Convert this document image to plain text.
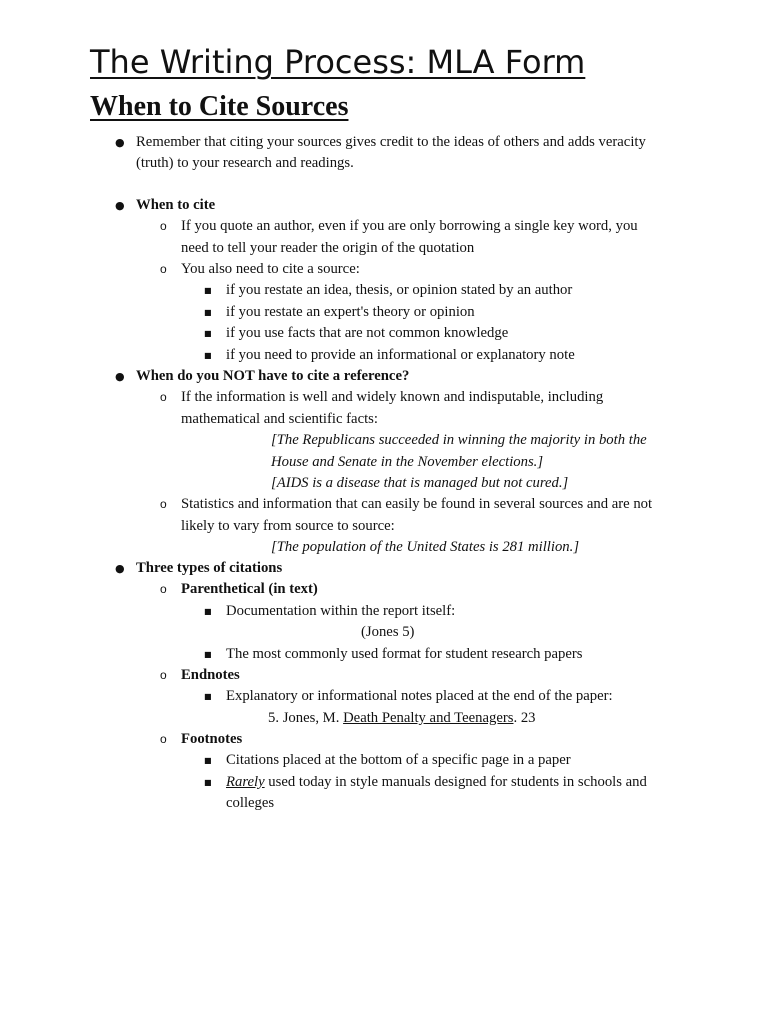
The Writing Process: MLA Form
When to Cite Sources
● Remember that citing your sources gives credit to the ideas of others and adds veracity
(truth) to your research and readings.
● When to cite
o If you quote an author, even if you are only borrowing a single key word, you
need to tell your reader the origin of the quotation
o You also need to cite a source:
■ if you restate an idea, thesis, or opinion stated by an author
■ if you restate an expert's theory or opinion
■ if you use facts that are not common knowledge
■ if you need to provide an informational or explanatory note
● When do you NOT have to cite a reference?
o If the information is well and widely known and indisputable, including
mathematical and scientific facts:
[The Republicans succeeded in winning the majority in both the
House and Senate in the November elections.]
[AIDS is a disease that is managed but not cured.]
o Statistics and information that can easily be found in several sources and are not
likely to vary from source to source:
[The population of the United States is 281 million.]
● Three types of citations
o Parenthetical (in text)
■ Documentation within the report itself:
(Jones 5)
■ The most commonly used format for student research papers
o Endnotes
■ Explanatory or informational notes placed at the end of the paper:
5. Jones, M. Death Penalty and Teenagers. 23
o Footnotes
■ Citations placed at the bottom of a specific page in a paper
■ Rarely used today in style manuals designed for students in schools and
colleges
